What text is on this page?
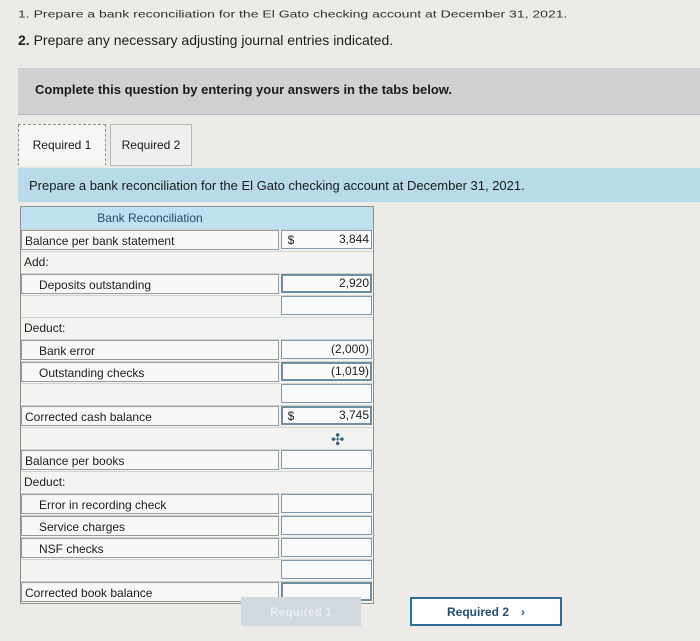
1. Prepare a bank reconciliation for the El Gato checking account at December 31, 2021.
2. Prepare any necessary adjusting journal entries indicated.
Complete this question by entering your answers in the tabs below.
Required 1	Required 2
Prepare a bank reconciliation for the El Gato checking account at December 31, 2021.
Bank Reconciliation
Balance per bank statement	$	3,844
Add:
Deposits outstanding	2,920
Deduct:
Bank error	(2,000)
Outstanding checks	(1,019)
Corrected cash balance	$	3,745
✣
Balance per books
Deduct:
Error in recording check
Service charges
NSF checks
Corrected book balance
Required 1	Required 2 ›
